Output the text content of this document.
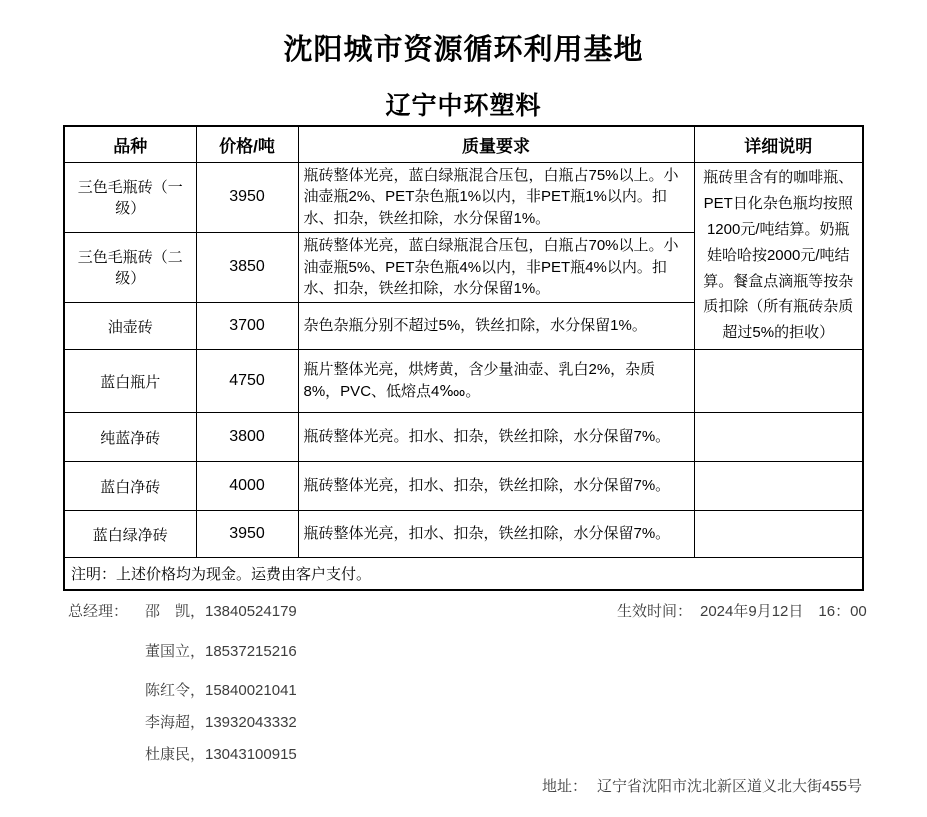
沈阳城市资源循环利用基地
辽宁中环塑料
品种	价格/吨	质量要求	详细说明
三色毛瓶砖（一级）	3950	瓶砖整体光亮，蓝白绿瓶混合压包，白瓶占75%以上。小油壶瓶2%、PET杂色瓶1%以内，非PET瓶1%以内。扣水、扣杂，铁丝扣除，水分保留1%。	瓶砖里含有的咖啡瓶、PET日化杂色瓶均按照1200元/吨结算。奶瓶娃哈哈按2000元/吨结算。餐盒点滴瓶等按杂质扣除（所有瓶砖杂质超过5%的拒收）
三色毛瓶砖（二级）	3850	瓶砖整体光亮，蓝白绿瓶混合压包，白瓶占70%以上。小油壶瓶5%、PET杂色瓶4%以内，非PET瓶4%以内。扣水、扣杂，铁丝扣除，水分保留1%。	
油壶砖	3700	杂色杂瓶分别不超过5%，铁丝扣除，水分保留1%。	
蓝白瓶片	4750	瓶片整体光亮，烘烤黄，含少量油壶、乳白2%，杂质8%，PVC、低熔点4‱。	
纯蓝净砖	3800	瓶砖整体光亮。扣水、扣杂，铁丝扣除，水分保留7%。	
蓝白净砖	4000	瓶砖整体光亮，扣水、扣杂，铁丝扣除，水分保留7%。	
蓝白绿净砖	3950	瓶砖整体光亮，扣水、扣杂，铁丝扣除，水分保留7%。	
注明：上述价格均为现金。运费由客户支付。			
总经理： 邵　凯，13840524179
董国立，18537215216
陈红令，15840021041
李海超，13932043332
杜康民，13043100915
生效时间： 2024年9月12日　16：00
地址： 辽宁省沈阳市沈北新区道义北大街455号
